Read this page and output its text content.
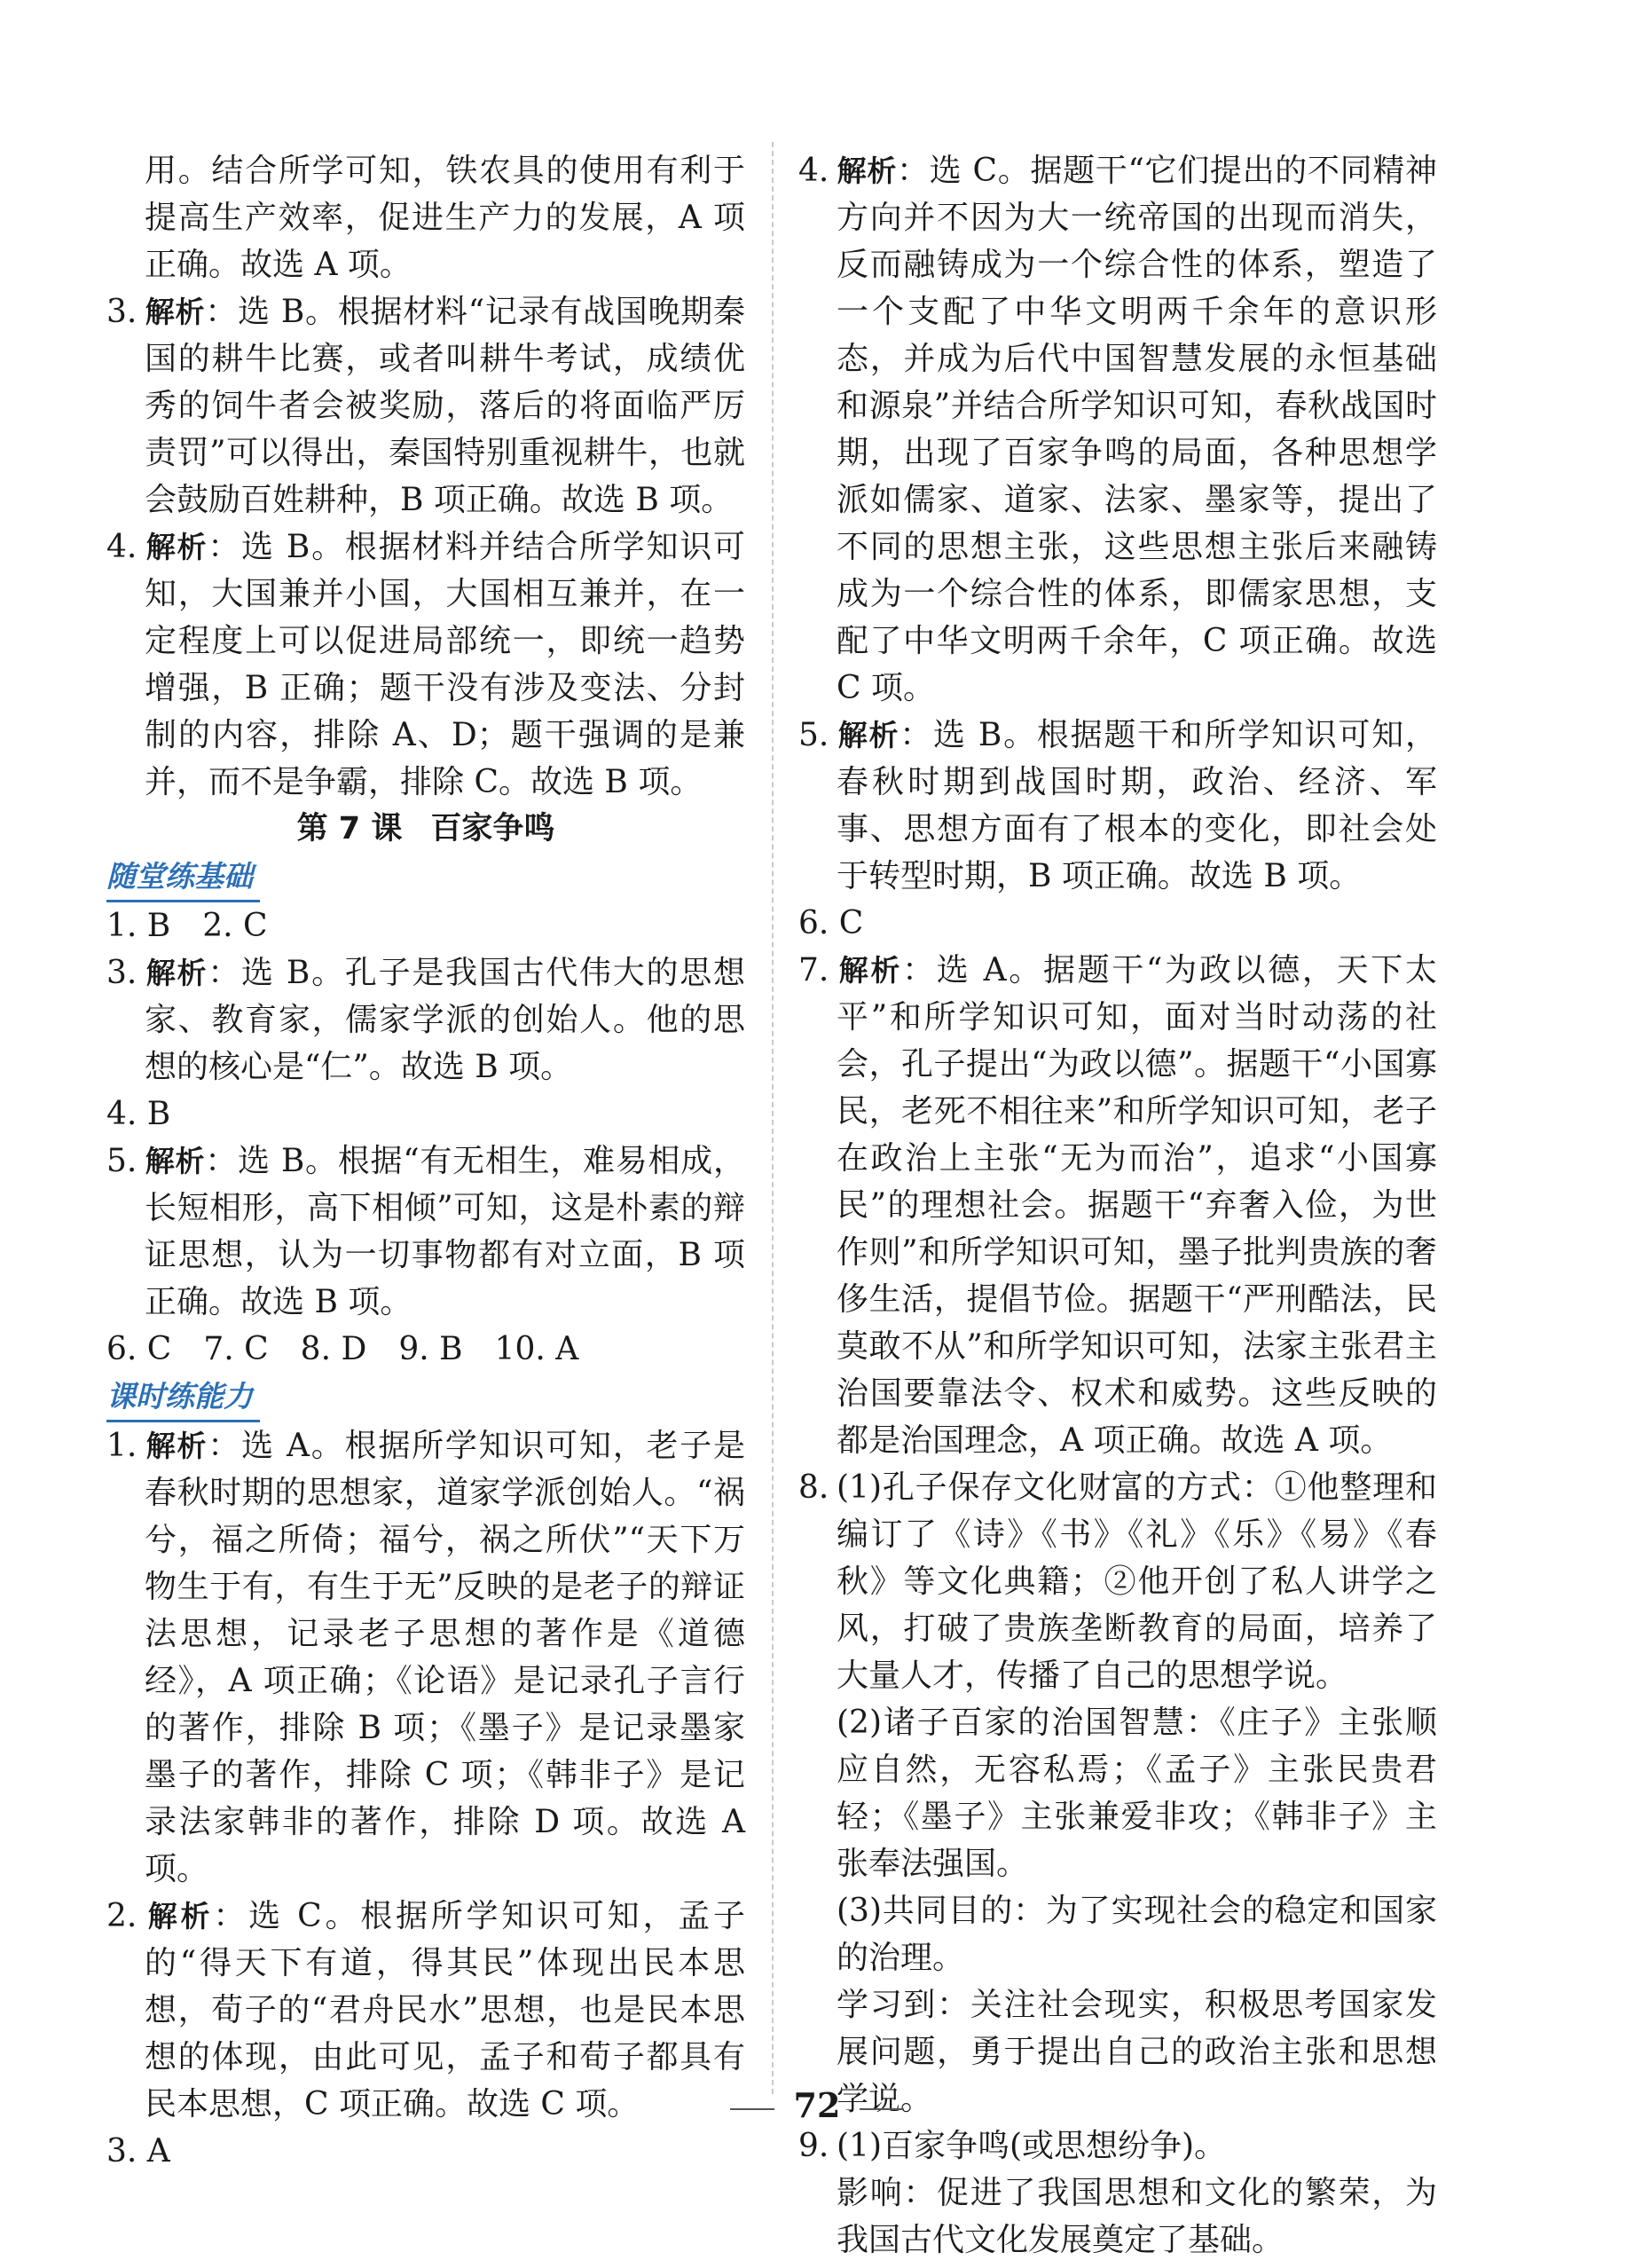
用。结合所学可知，铁农具的使用有利于提高生产效率，促进生产力的发展，A 项正确。故选 A 项。
3. 解析：选 B。根据材料“记录有战国晚期秦国的耕牛比赛，或者叫耕牛考试，成绩优秀的饲牛者会被奖励，落后的将面临严厉责罚”可以得出，秦国特别重视耕牛，也就会鼓励百姓耕种，B 项正确。故选 B 项。
4. 解析：选 B。根据材料并结合所学知识可知，大国兼并小国，大国相互兼并，在一定程度上可以促进局部统一，即统一趋势增强，B 正确；题干没有涉及变法、分封制的内容，排除 A、D；题干强调的是兼并，而不是争霸，排除 C。故选 B 项。
第 7 课 百家争鸣
随堂练基础
1. B　2. C
3. 解析：选 B。孔子是我国古代伟大的思想家、教育家，儒家学派的创始人。他的思想的核心是“仁”。故选 B 项。
4. B
5. 解析：选 B。根据“有无相生，难易相成，长短相形，高下相倾”可知，这是朴素的辩证思想，认为一切事物都有对立面，B 项正确。故选 B 项。
6. C　7. C　8. D　9. B　10. A
课时练能力
1. 解析：选 A。根据所学知识可知，老子是春秋时期的思想家，道家学派创始人。“祸兮，福之所倚；福兮，祸之所伏”“天下万物生于有，有生于无”反映的是老子的辩证法思想，记录老子思想的著作是《道德经》，A 项正确；《论语》是记录孔子言行的著作，排除 B 项；《墨子》是记录墨家墨子的著作，排除 C 项；《韩非子》是记录法家韩非的著作，排除 D 项。故选 A 项。
2. 解析：选 C。根据所学知识可知，孟子的“得天下有道，得其民”体现出民本思想，荀子的“君舟民水”思想，也是民本思想的体现，由此可见，孟子和荀子都具有民本思想，C 项正确。故选 C 项。
3. A
4. 解析：选 C。据题干“它们提出的不同精神方向并不因为大一统帝国的出现而消失，反而融铸成为一个综合性的体系，塑造了一个支配了中华文明两千余年的意识形态，并成为后代中国智慧发展的永恒基础和源泉”并结合所学知识可知，春秋战国时期，出现了百家争鸣的局面，各种思想学派如儒家、道家、法家、墨家等，提出了不同的思想主张，这些思想主张后来融铸成为一个综合性的体系，即儒家思想，支配了中华文明两千余年，C 项正确。故选 C 项。
5. 解析：选 B。根据题干和所学知识可知，春秋时期到战国时期，政治、经济、军事、思想方面有了根本的变化，即社会处于转型时期，B 项正确。故选 B 项。
6. C
7. 解析：选 A。据题干“为政以德，天下太平”和所学知识可知，面对当时动荡的社会，孔子提出“为政以德”。据题干“小国寡民，老死不相往来”和所学知识可知，老子在政治上主张“无为而治”，追求“小国寡民”的理想社会。据题干“弃奢入俭，为世作则”和所学知识可知，墨子批判贵族的奢侈生活，提倡节俭。据题干“严刑酷法，民莫敢不从”和所学知识可知，法家主张君主治国要靠法令、权术和威势。这些反映的都是治国理念，A 项正确。故选 A 项。
8. (1)孔子保存文化财富的方式：①他整理和编订了《诗》《书》《礼》《乐》《易》《春秋》等文化典籍；②他开创了私人讲学之风，打破了贵族垄断教育的局面，培养了大量人才，传播了自己的思想学说。
(2)诸子百家的治国智慧：《庄子》主张顺应自然，无容私焉；《孟子》主张民贵君轻；《墨子》主张兼爱非攻；《韩非子》主张奉法强国。
(3)共同目的：为了实现社会的稳定和国家的治理。
学习到：关注社会现实，积极思考国家发展问题，勇于提出自己的政治主张和思想学说。
9. (1)百家争鸣(或思想纷争)。
影响：促进了我国思想和文化的繁荣，为我国古代文化发展奠定了基础。
72
